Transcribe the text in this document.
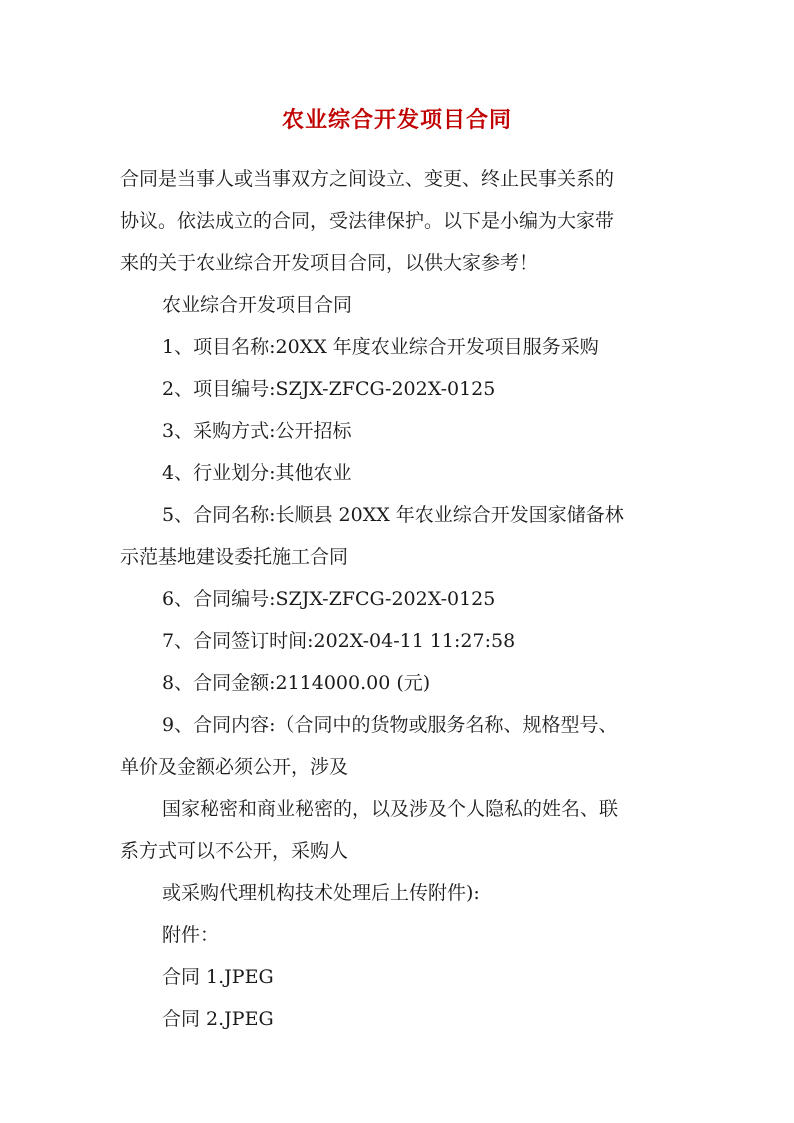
农业综合开发项目合同
合同是当事人或当事双方之间设立、变更、终止民事关系的
协议。依法成立的合同，受法律保护。以下是小编为大家带
来的关于农业综合开发项目合同，以供大家参考！
农业综合开发项目合同
1、项目名称:20XX 年度农业综合开发项目服务采购
2、项目编号:SZJX-ZFCG-202X-0125
3、采购方式:公开招标
4、行业划分:其他农业
5、合同名称:长顺县 20XX 年农业综合开发国家储备林
示范基地建设委托施工合同
6、合同编号:SZJX-ZFCG-202X-0125
7、合同签订时间:202X-04-11 11:27:58
8、合同金额:2114000.00 (元)
9、合同内容:（合同中的货物或服务名称、规格型号、
单价及金额必须公开，涉及
国家秘密和商业秘密的，以及涉及个人隐私的姓名、联
系方式可以不公开，采购人
或采购代理机构技术处理后上传附件):
附件：
合同 1.JPEG
合同 2.JPEG
